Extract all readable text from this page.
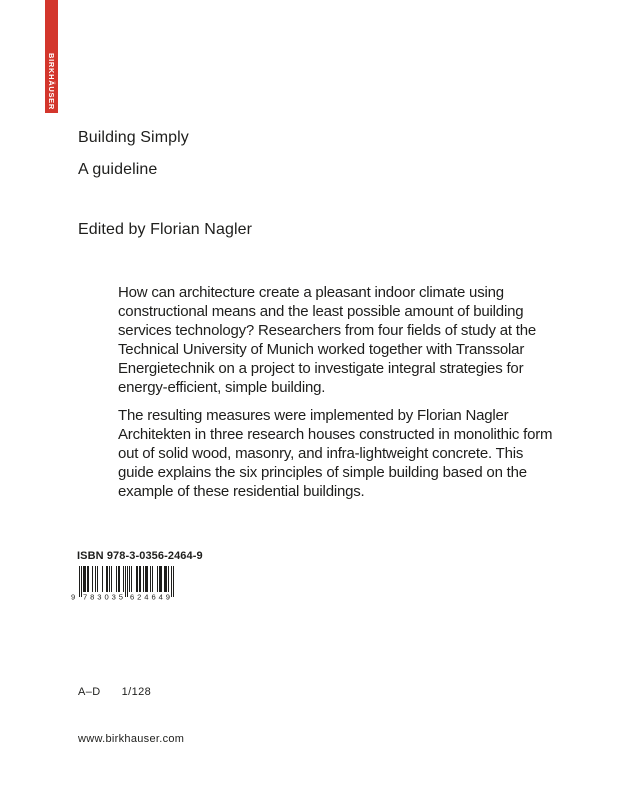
BIRKHÄUSER
Building Simply
A guideline
Edited by Florian Nagler

How can architecture create a pleasant indoor climate using constructional means and the least possible amount of building services technology? Researchers from four fields of study at the Technical University of Munich worked together with Transsolar Energietechnik on a project to investigate integral strategies for energy-efficient, simple building.

The resulting measures were implemented by Florian Nagler Architekten in three research houses constructed in monolithic form out of solid wood, masonry, and infra-lightweight concrete. This guide explains the six principles of simple building based on the example of these residential buildings.

ISBN 978-3-0356-2464-9
9 783035 624649
A–D 1/128
www.birkhauser.com
